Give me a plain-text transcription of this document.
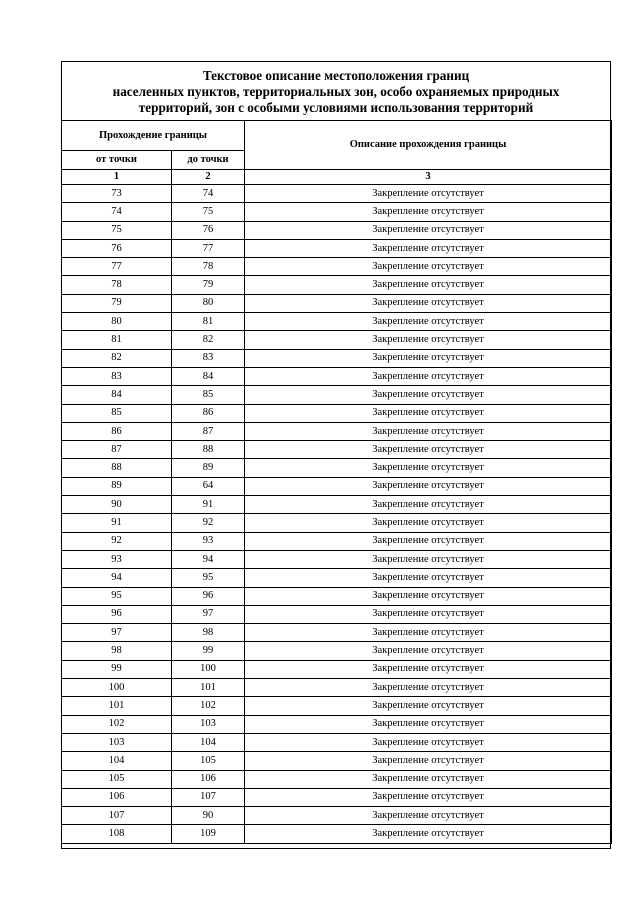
Текстовое описание местоположения границ
населенных пунктов, территориальных зон, особо охраняемых природных
территорий, зон с особыми условиями использования территорий
Прохождение границы		Описание прохождения границы
от точки	до точки	
1	2	3
73	74	Закрепление отсутствует
74	75	Закрепление отсутствует
75	76	Закрепление отсутствует
76	77	Закрепление отсутствует
77	78	Закрепление отсутствует
78	79	Закрепление отсутствует
79	80	Закрепление отсутствует
80	81	Закрепление отсутствует
81	82	Закрепление отсутствует
82	83	Закрепление отсутствует
83	84	Закрепление отсутствует
84	85	Закрепление отсутствует
85	86	Закрепление отсутствует
86	87	Закрепление отсутствует
87	88	Закрепление отсутствует
88	89	Закрепление отсутствует
89	64	Закрепление отсутствует
90	91	Закрепление отсутствует
91	92	Закрепление отсутствует
92	93	Закрепление отсутствует
93	94	Закрепление отсутствует
94	95	Закрепление отсутствует
95	96	Закрепление отсутствует
96	97	Закрепление отсутствует
97	98	Закрепление отсутствует
98	99	Закрепление отсутствует
99	100	Закрепление отсутствует
100	101	Закрепление отсутствует
101	102	Закрепление отсутствует
102	103	Закрепление отсутствует
103	104	Закрепление отсутствует
104	105	Закрепление отсутствует
105	106	Закрепление отсутствует
106	107	Закрепление отсутствует
107	90	Закрепление отсутствует
108	109	Закрепление отсутствует
